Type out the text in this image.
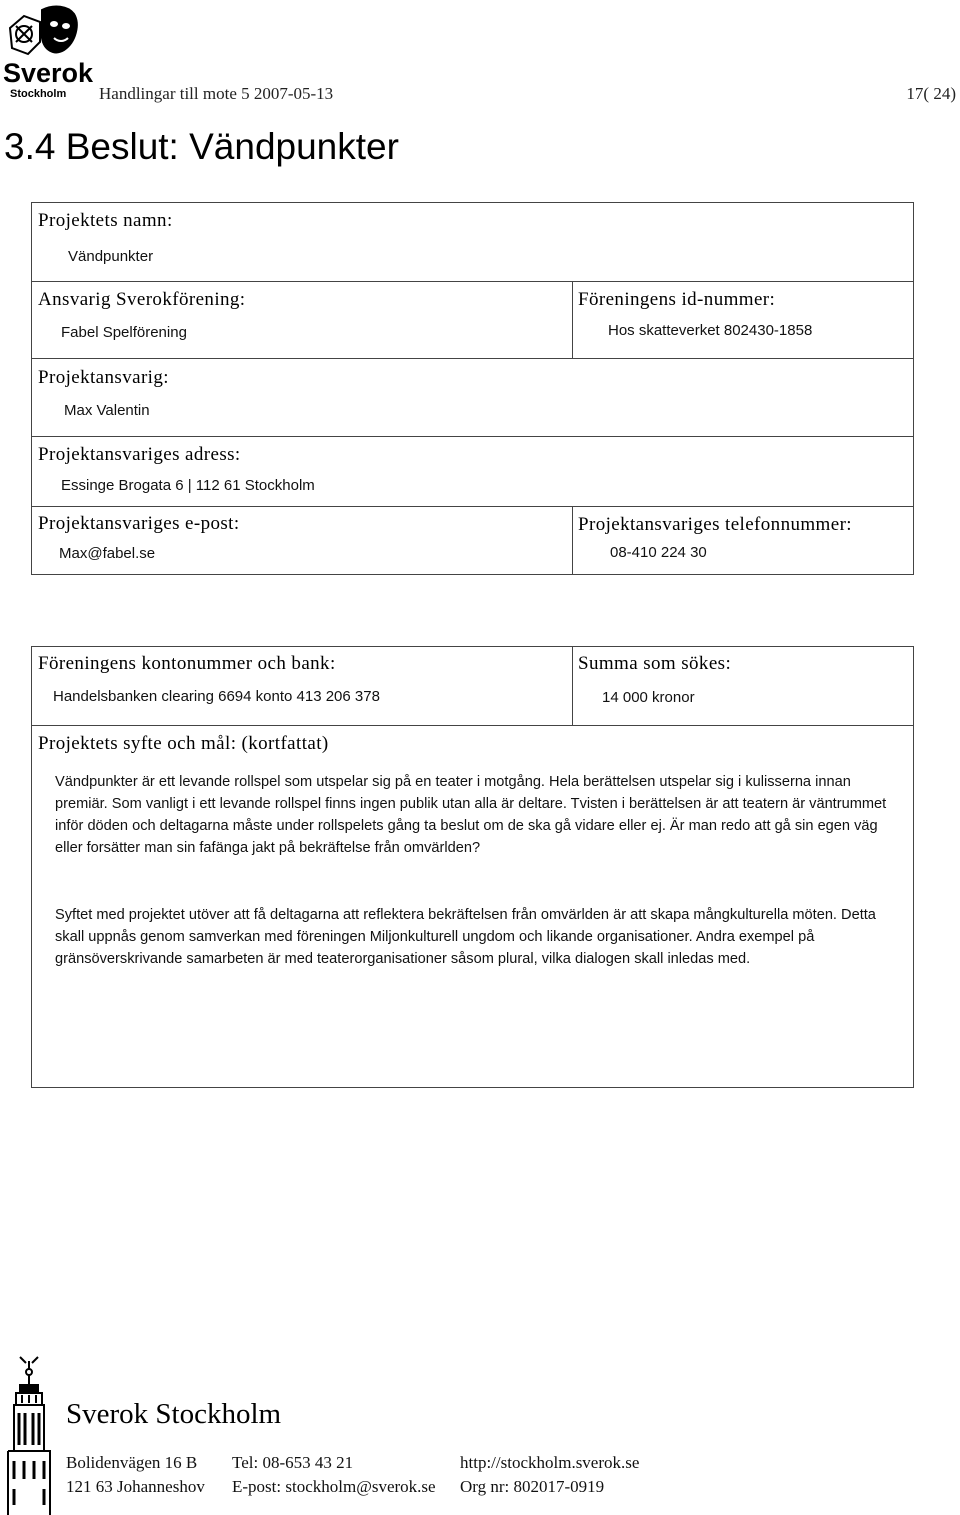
Sverok
Stockholm Handlingar till mote 5 2007-05-13	17( 24)
3.4 Beslut: Vändpunkter
Projektets namn:
Vändpunkter
Ansvarig Sverokförening:
Fabel Spelförening
Föreningens id-nummer:
Hos skatteverket 802430-1858
Projektansvarig:
Max Valentin
Projektansvariges adress:
Essinge Brogata 6 | 112 61 Stockholm
Projektansvariges e-post:
Max@fabel.se
Projektansvariges telefonnummer:
08-410 224 30
Föreningens kontonummer och bank:
Handelsbanken clearing 6694 konto 413 206 378
Summa som sökes:
14 000 kronor
Projektets syfte och mål: (kortfattat)

Vändpunkter är ett levande rollspel som utspelar sig på en teater i motgång. Hela berättelsen utspelar sig i kulisserna innan premiär. Som vanligt i ett levande rollspel finns ingen publik utan alla är deltare. Tvisten i berättelsen är att teatern är väntrummet inför döden och deltagarna måste under rollspelets gång ta beslut om de ska gå vidare eller ej. Är man redo att gå sin egen väg eller forsätter man sin fafänga jakt på bekräftelse från omvärlden?

Syftet med projektet utöver att få deltagarna att reflektera bekräftelsen från omvärlden är att skapa mångkulturella möten. Detta skall uppnås genom samverkan med föreningen Miljonkulturell ungdom och likande organisationer. Andra exempel på gränsöverskrivande samarbeten är med teaterorganisationer såsom plural, vilka dialogen skall inledas med.

Sverok Stockholm
Bolidenvägen 16 B
121 63 Johanneshov
Tel: 08-653 43 21
E-post: stockholm@sverok.se
http://stockholm.sverok.se
Org nr: 802017-0919
